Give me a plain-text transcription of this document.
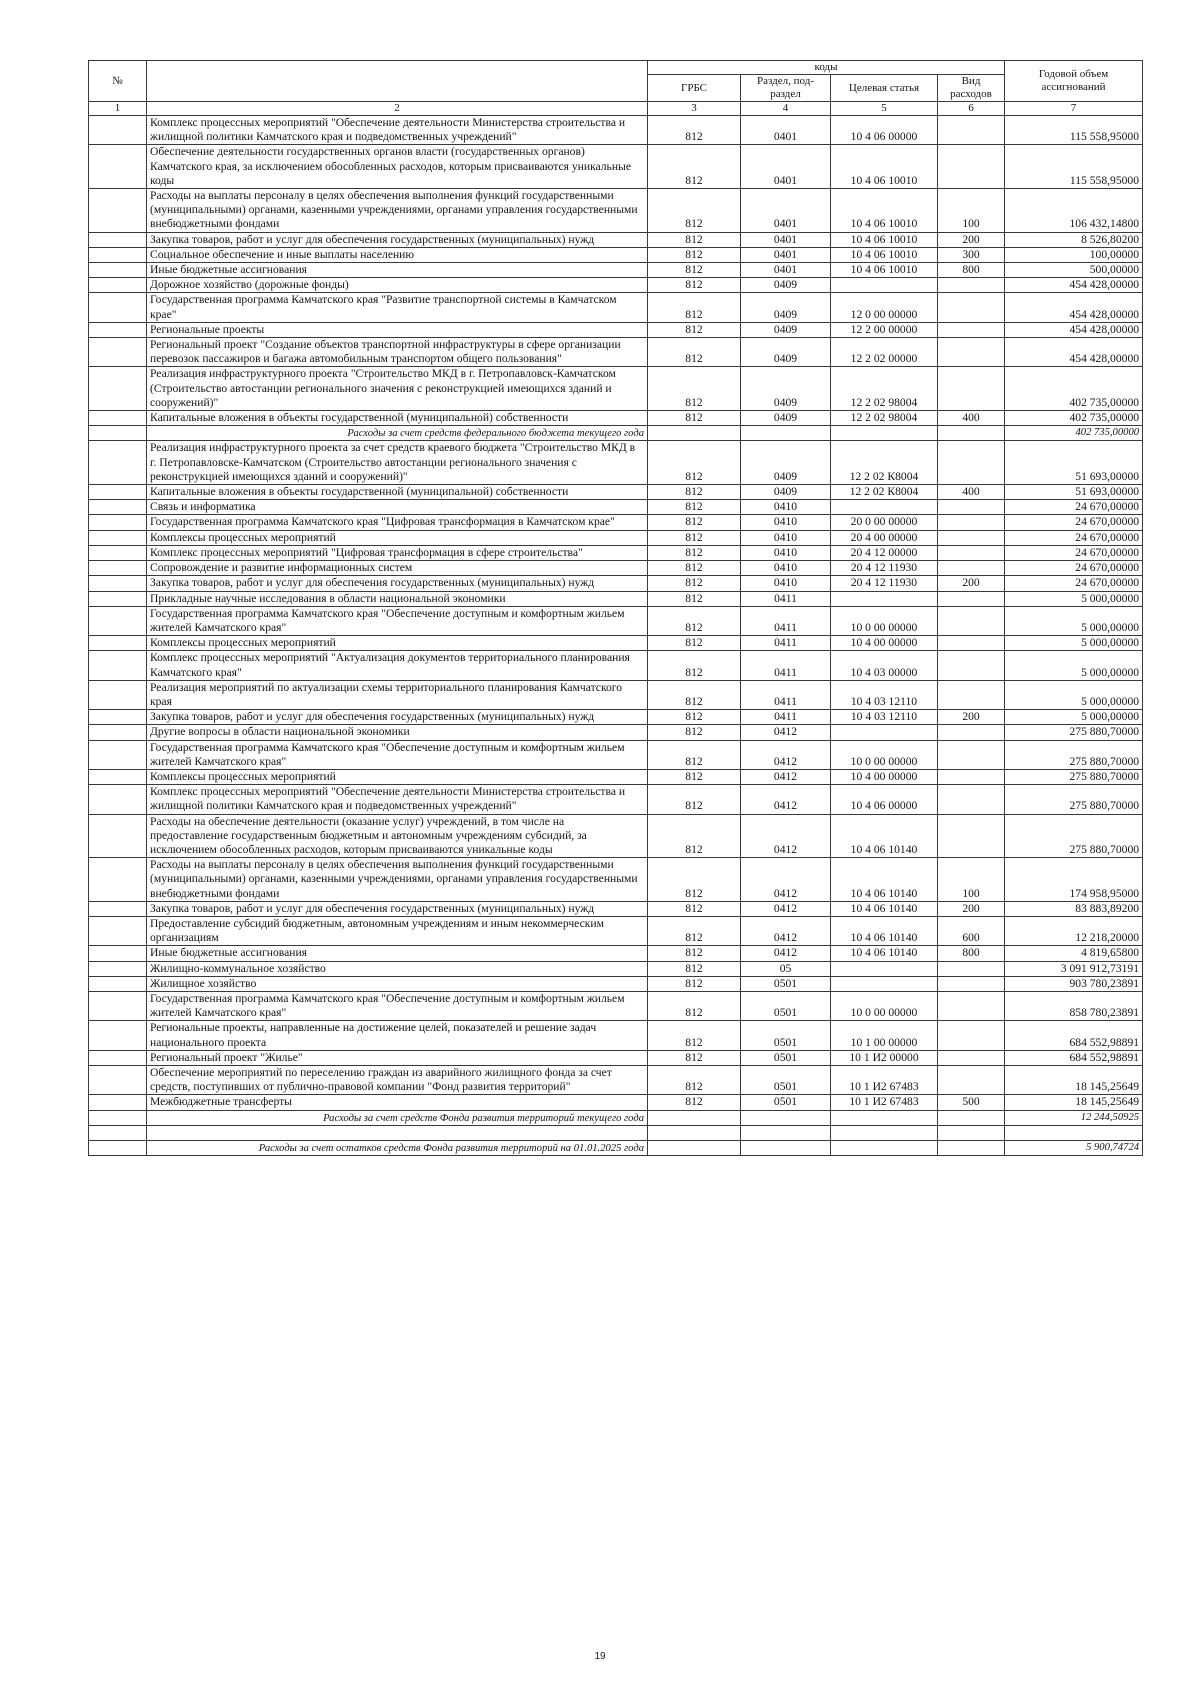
№		коды				Годовой объем ассигнований
		ГРБС	Раздел, под-раздел	Целевая статья	Вид расходов	
1	2	3	4	5	6	7
	Комплекс процессных мероприятий "Обеспечение деятельности Министерства строительства и жилищной политики Камчатского края и подведомственных учреждений"	812	0401	10 4 06 00000		115 558,95000
	Обеспечение деятельности государственных органов власти (государственных органов) Камчатского края, за исключением обособленных расходов, которым присваиваются уникальные коды	812	0401	10 4 06 10010		115 558,95000
	Расходы на выплаты персоналу в целях обеспечения выполнения функций государственными (муниципальными) органами, казенными учреждениями, органами управления государственными внебюджетными фондами	812	0401	10 4 06 10010	100	106 432,14800
	Закупка товаров, работ и услуг для обеспечения государственных (муниципальных) нужд	812	0401	10 4 06 10010	200	8 526,80200
	Социальное обеспечение и иные выплаты населению	812	0401	10 4 06 10010	300	100,00000
	Иные бюджетные ассигнования	812	0401	10 4 06 10010	800	500,00000
	Дорожное хозяйство (дорожные фонды)	812	0409			454 428,00000
	Государственная программа Камчатского края "Развитие транспортной системы в Камчатском крае"	812	0409	12 0 00 00000		454 428,00000
	Региональные проекты	812	0409	12 2 00 00000		454 428,00000
	Региональный проект "Создание объектов транспортной инфраструктуры в сфере организации перевозок пассажиров и багажа автомобильным транспортом общего пользования"	812	0409	12 2 02 00000		454 428,00000
	Реализация инфраструктурного проекта "Строительство МКД в г. Петропавловск-Камчатском (Строительство автостанции регионального значения с реконструкцией имеющихся зданий и сооружений)"	812	0409	12 2 02 98004		402 735,00000
	Капитальные вложения в объекты государственной (муниципальной) собственности	812	0409	12 2 02 98004	400	402 735,00000
	Расходы за счет средств федерального бюджета текущего года					402 735,00000
	Реализация инфраструктурного проекта за счет средств краевого бюджета "Строительство МКД в г. Петропавловске-Камчатском (Строительство автостанции регионального значения с реконструкцией имеющихся зданий и сооружений)"	812	0409	12 2 02 К8004		51 693,00000
	Капитальные вложения в объекты государственной (муниципальной) собственности	812	0409	12 2 02 К8004	400	51 693,00000
	Связь и информатика	812	0410			24 670,00000
	Государственная программа Камчатского края "Цифровая трансформация в Камчатском крае"	812	0410	20 0 00 00000		24 670,00000
	Комплексы процессных мероприятий	812	0410	20 4 00 00000		24 670,00000
	Комплекс процессных мероприятий "Цифровая трансформация в сфере строительства"	812	0410	20 4 12 00000		24 670,00000
	Сопровождение и развитие информационных систем	812	0410	20 4 12 11930		24 670,00000
	Закупка товаров, работ и услуг для обеспечения государственных (муниципальных) нужд	812	0410	20 4 12 11930	200	24 670,00000
	Прикладные научные исследования в области национальной экономики	812	0411			5 000,00000
	Государственная программа Камчатского края "Обеспечение доступным и комфортным жильем жителей Камчатского края"	812	0411	10 0 00 00000		5 000,00000
	Комплексы процессных мероприятий	812	0411	10 4 00 00000		5 000,00000
	Комплекс процессных мероприятий "Актуализация документов территориального планирования Камчатского края"	812	0411	10 4 03 00000		5 000,00000
	Реализация мероприятий по актуализации схемы территориального планирования Камчатского края	812	0411	10 4 03 12110		5 000,00000
	Закупка товаров, работ и услуг для обеспечения государственных (муниципальных) нужд	812	0411	10 4 03 12110	200	5 000,00000
	Другие вопросы в области национальной экономики	812	0412			275 880,70000
	Государственная программа Камчатского края "Обеспечение доступным и комфортным жильем жителей Камчатского края"	812	0412	10 0 00 00000		275 880,70000
	Комплексы процессных мероприятий	812	0412	10 4 00 00000		275 880,70000
	Комплекс процессных мероприятий "Обеспечение деятельности Министерства строительства и жилищной политики Камчатского края и подведомственных учреждений"	812	0412	10 4 06 00000		275 880,70000
	Расходы на обеспечение деятельности (оказание услуг) учреждений, в том числе на предоставление государственным бюджетным и автономным учреждениям субсидий, за исключением обособленных расходов, которым присваиваются уникальные коды	812	0412	10 4 06 10140		275 880,70000
	Расходы на выплаты персоналу в целях обеспечения выполнения функций государственными (муниципальными) органами, казенными учреждениями, органами управления государственными внебюджетными фондами	812	0412	10 4 06 10140	100	174 958,95000
	Закупка товаров, работ и услуг для обеспечения государственных (муниципальных) нужд	812	0412	10 4 06 10140	200	83 883,89200
	Предоставление субсидий бюджетным, автономным учреждениям и иным некоммерческим организациям	812	0412	10 4 06 10140	600	12 218,20000
	Иные бюджетные ассигнования	812	0412	10 4 06 10140	800	4 819,65800
	Жилищно-коммунальное хозяйство	812	05			3 091 912,73191
	Жилищное хозяйство	812	0501			903 780,23891
	Государственная программа Камчатского края "Обеспечение доступным и комфортным жильем жителей Камчатского края"	812	0501	10 0 00 00000		858 780,23891
	Региональные проекты, направленные на достижение целей, показателей и решение задач национального проекта	812	0501	10 1 00 00000		684 552,98891
	Региональный проект "Жилье"	812	0501	10 1 И2 00000		684 552,98891
	Обеспечение мероприятий по переселению граждан из аварийного жилищного фонда за счет средств, поступивших от публично-правовой компании "Фонд развития территорий"	812	0501	10 1 И2 67483		18 145,25649
	Межбюджетные трансферты	812	0501	10 1 И2 67483	500	18 145,25649
	Расходы за счет средств Фонда развития территорий текущего года					12 244,50925

	Расходы за счет остатков средств Фонда развития территорий на 01.01.2025 года					5 900,74724
19
